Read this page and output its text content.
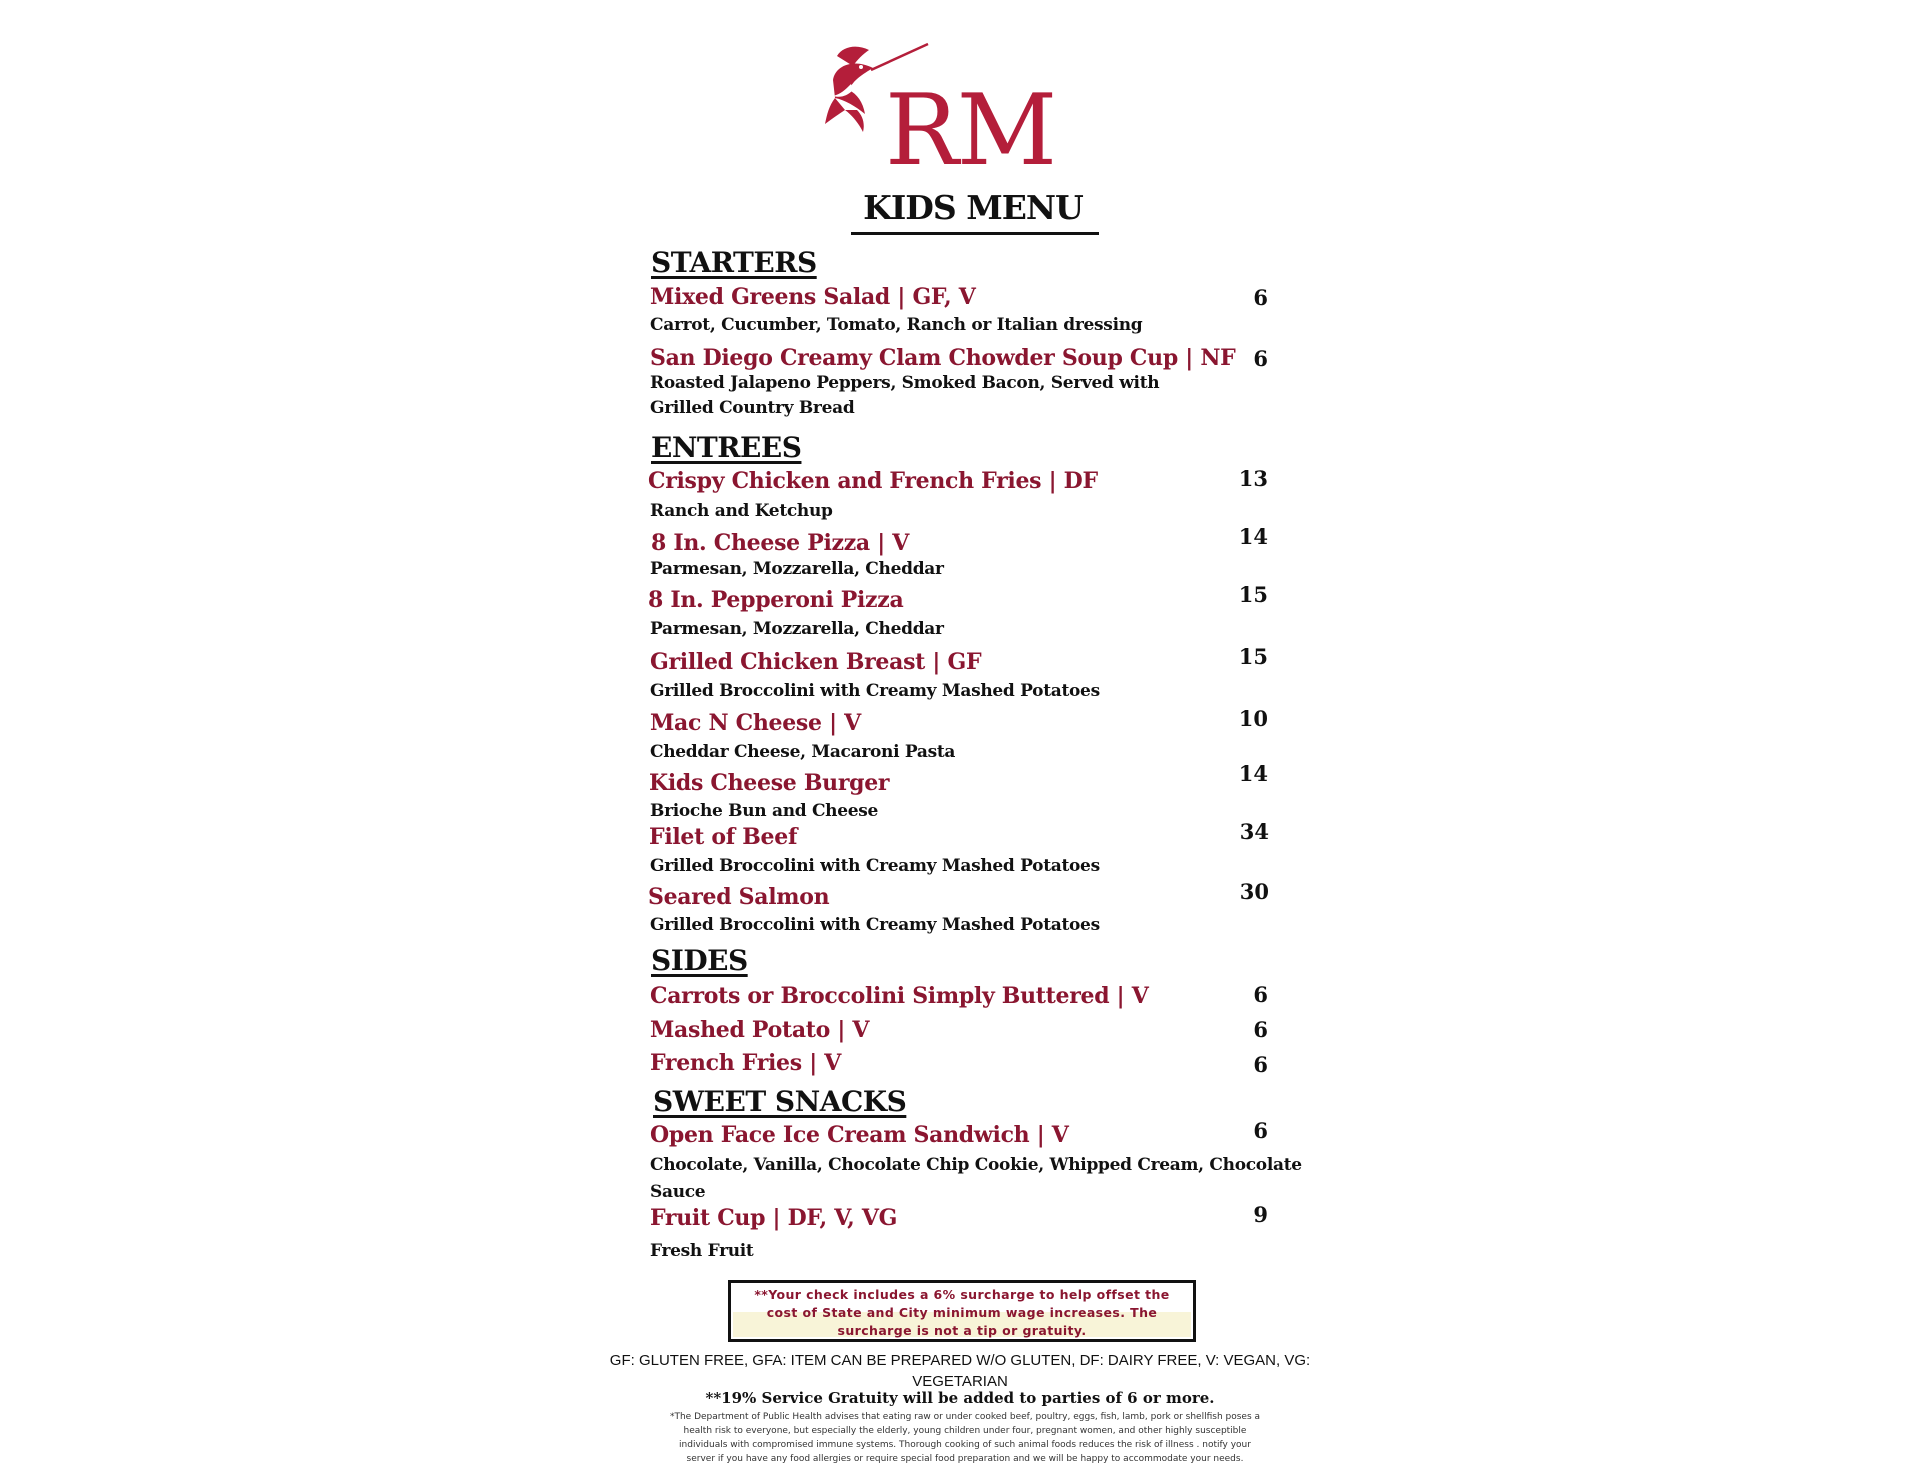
RM
KIDS MENU
STARTERS
Mixed Greens Salad | GF, V	6
Carrot, Cucumber, Tomato, Ranch or Italian dressing
San Diego Creamy Clam Chowder Soup Cup | NF 6
Roasted Jalapeno Peppers, Smoked Bacon, Served with
Grilled Country Bread
ENTREES
Crispy Chicken and French Fries | DF	13
Ranch and Ketchup
8 In. Cheese Pizza | V	14
Parmesan, Mozzarella, Cheddar
8 In. Pepperoni Pizza	15
Parmesan, Mozzarella, Cheddar
Grilled Chicken Breast | GF	15
Grilled Broccolini with Creamy Mashed Potatoes
Mac N Cheese | V	10
Cheddar Cheese, Macaroni Pasta
Kids Cheese Burger	14
Brioche Bun and Cheese
Filet of Beef	34
Grilled Broccolini with Creamy Mashed Potatoes
Seared Salmon	30
Grilled Broccolini with Creamy Mashed Potatoes
SIDES
Carrots or Broccolini Simply Buttered | V	6
Mashed Potato | V	6
French Fries | V	6
SWEET SNACKS
Open Face Ice Cream Sandwich | V	6
Chocolate, Vanilla, Chocolate Chip Cookie, Whipped Cream, Chocolate
Sauce
Fruit Cup | DF, V, VG	9
Fresh Fruit
**Your check includes a 6% surcharge to help offset the cost of State and City minimum wage increases. The surcharge is not a tip or gratuity.
GF: GLUTEN FREE, GFA: ITEM CAN BE PREPARED W/O GLUTEN, DF: DAIRY FREE, V: VEGAN, VG: VEGETARIAN
**19% Service Gratuity will be added to parties of 6 or more.
*The Department of Public Health advises that eating raw or under cooked beef, poultry, eggs, fish, lamb, pork or shellfish poses a health risk to everyone, but especially the elderly, young children under four, pregnant women, and other highly susceptible individuals with compromised immune systems. Thorough cooking of such animal foods reduces the risk of illness . notify your server if you have any food allergies or require special food preparation and we will be happy to accommodate your needs.
